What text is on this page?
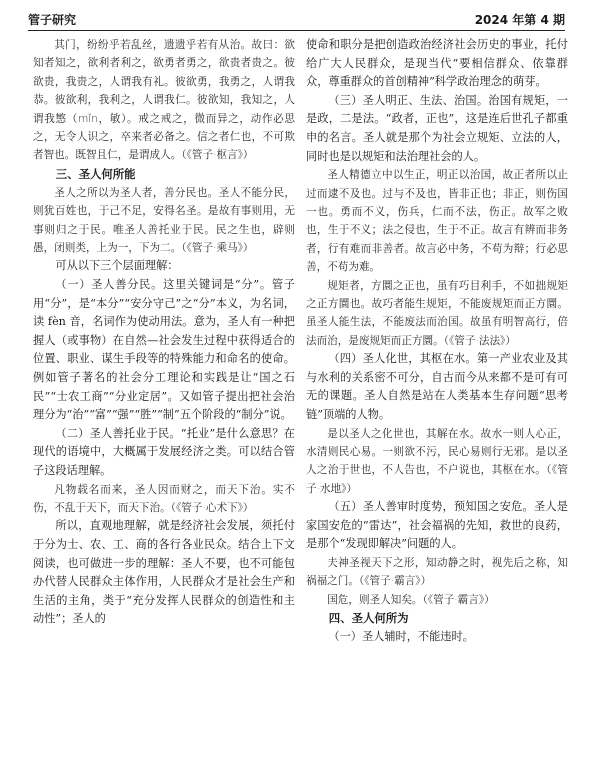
管子研究	2024 年第 4 期

其门，纷纷乎若乱丝，遗遗乎若有从治。故曰：欲知者知之，欲利者利之，欲勇者勇之，欲贵者贵之。彼欲贵，我贵之，人谓我有礼。彼欲勇，我勇之，人谓我恭。彼欲利，我利之，人谓我仁。彼欲知，我知之，人谓我慜（mǐn，敏）。戒之戒之，微而异之，动作必思之，无令人识之，卒来者必备之。信之者仁也，不可欺者智也。既智且仁，是谓成人。（《管子·枢言》）

三、圣人何所能

圣人之所以为圣人者，善分民也。圣人不能分民，则犹百姓也，于己不足，安得名圣。是故有事则用，无事则归之于民。唯圣人善托业于民。民之生也，辟则愚，闭则类，上为一，下为二。（《管子·乘马》）

可从以下三个层面理解：

（一）圣人善分民。这里关键词是“分”。管子用“分”，是“本分”“安分守己”之“分”本义，为名词，读 fèn 音，名词作为使动用法。意为，圣人有一种把握人（或事物）在自然—社会发生过程中获得适合的位置、职业、谋生手段等的特殊能力和命名的使命。例如管子著名的社会分工理论和实践是让“国之石民”“士农工商”“分业定居”。又如管子提出把社会治理分为“治”“富”“强”“胜”“制”五个阶段的“制分”说。

（二）圣人善托业于民。“托业”是什么意思？在现代的语境中，大概属于发展经济之类。可以结合管子这段话理解。

凡物载名而来，圣人因而财之，而天下治。实不伤，不乱于天下，而天下治。（《管子·心术下》）

所以，直观地理解，就是经济社会发展，须托付于分为士、农、工、商的各行各业民众。结合上下文阅读，也可做进一步的理解：圣人不要，也不可能包办代替人民群众主体作用，人民群众才是社会生产和生活的主角，类于“充分发挥人民群众的创造性和主动性”；圣人的

使命和职分是把创造政治经济社会历史的事业，托付给广大人民群众，是现当代“要相信群众、依靠群众，尊重群众的首创精神”科学政治理念的萌芽。

（三）圣人明正、生法、治国。治国有规矩，一是政，二是法。“政者，正也”，这是连后世孔子都重申的名言。圣人就是那个为社会立规矩、立法的人，同时也是以规矩和法治理社会的人。

圣人精德立中以生正，明正以治国，故正者所以止过而逮不及也。过与不及也，皆非正也；非正，则伤国一也。勇而不义，伤兵，仁而不法，伤正。故军之败也，生于不义；法之侵也，生于不正。故言有辨而非务者，行有难而非善者。故言必中务，不苟为辩；行必思善，不苟为难。

规矩者，方圜之正也，虽有巧目利手，不如拙规矩之正方圜也。故巧者能生规矩，不能废规矩而正方圜。虽圣人能生法，不能废法而治国。故虽有明智高行，倍法而治，是废规矩而正方圜。（《管子·法法》）

（四）圣人化世，其枢在水。第一产业农业及其与水利的关系密不可分，自古而今从来都不是可有可无的课题。圣人自然是站在人类基本生存问题“思考链”顶端的人物。

是以圣人之化世也，其解在水。故水一则人心正，水清则民心易。一则欲不污，民心易则行无邪。是以圣人之治于世也，不人告也，不户说也，其枢在水。（《管子·水地》）

（五）圣人善审时度势，预知国之安危。圣人是家国安危的“雷达”，社会福祸的先知，救世的良药，是那个“发现即解决”问题的人。

夫神圣视天下之形，知动静之时，视先后之称，知祸福之门。（《管子·霸言》）

国危，则圣人知矣。（《管子·霸言》）

四、圣人何所为

（一）圣人辅时，不能违时。
